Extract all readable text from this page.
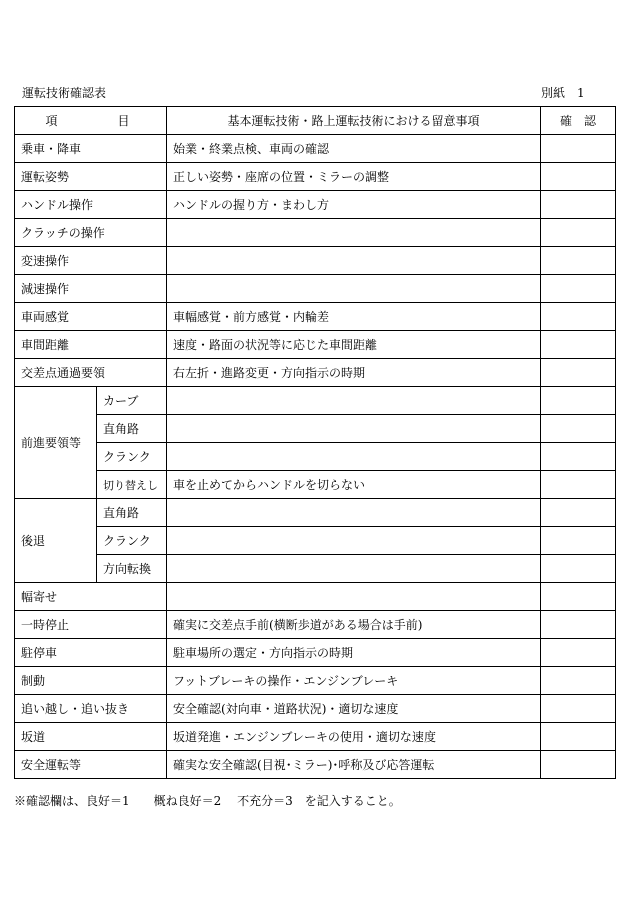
運転技術確認表	別紙　1
項　　　目		基本運転技術・路上運転技術における留意事項	確　認
乗車・降車		始業・終業点検、車両の確認	
運転姿勢		正しい姿勢・座席の位置・ミラーの調整	
ハンドル操作		ハンドルの握り方・まわし方	
クラッチの操作			
変速操作			
減速操作			
車両感覚		車幅感覚・前方感覚・内輪差	
車間距離		速度・路面の状況等に応じた車間距離	
交差点通過要領		右左折・進路変更・方向指示の時期	
前進要領等	カーブ		
	直角路		
	クランク		
	切り替えし	車を止めてからハンドルを切らない	
後退	直角路		
	クランク		
	方向転換		
幅寄せ			
一時停止		確実に交差点手前(横断歩道がある場合は手前)	
駐停車		駐車場所の選定・方向指示の時期	
制動		フットブレーキの操作・エンジンブレーキ	
追い越し・追い抜き		安全確認(対向車・道路状況)・適切な速度	
坂道		坂道発進・エンジンブレーキの使用・適切な速度	
安全運転等		確実な安全確認(目視･ミラー)･呼称及び応答運転	
※確認欄は、良好＝1　　概ね良好＝2　 不充分＝3　を記入すること。
